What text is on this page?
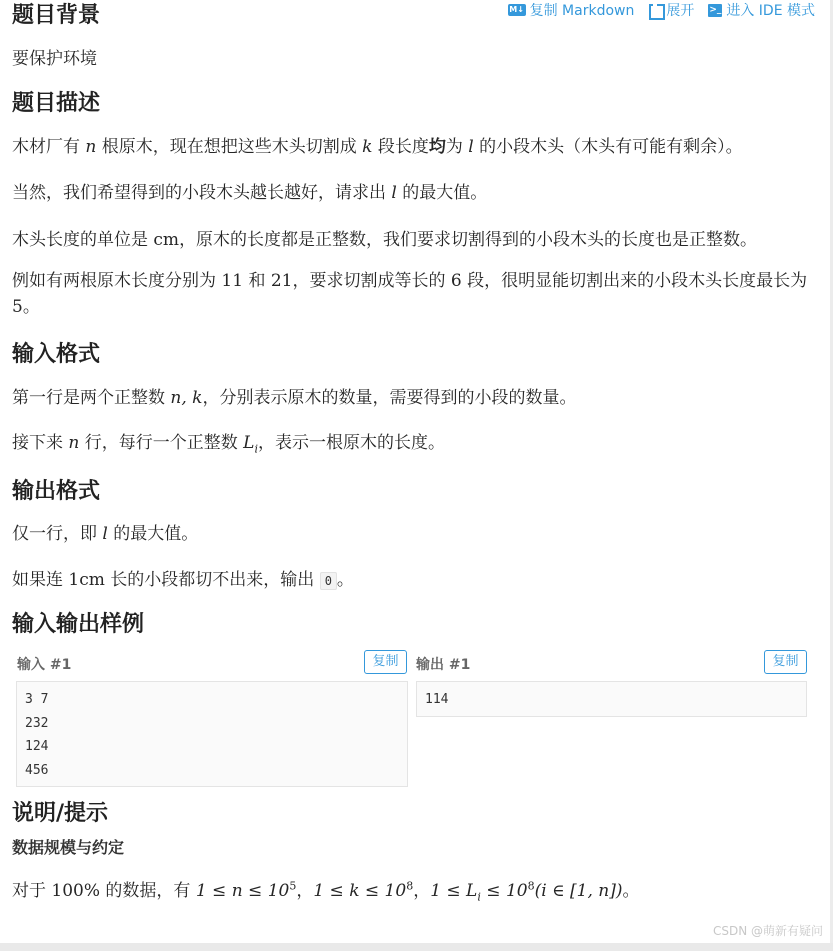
M↓ 复制 Markdown 展开 >_ 进入 IDE 模式
题目背景
要保护环境
题目描述
木材厂有 n 根原木，现在想把这些木头切割成 k 段长度均为 l 的小段木头（木头有可能有剩余）。
当然，我们希望得到的小段木头越长越好，请求出 l 的最大值。
木头长度的单位是 cm，原木的长度都是正整数，我们要求切割得到的小段木头的长度也是正整数。
例如有两根原木长度分别为 11 和 21，要求切割成等长的 6 段，很明显能切割出来的小段木头长度最长为 5。
输入格式
第一行是两个正整数 n, k，分别表示原木的数量，需要得到的小段的数量。
接下来 n 行，每行一个正整数 $L_i$，表示一根原木的长度。
输出格式
仅一行，即 l 的最大值。
如果连 1cm 长的小段都切不出来，输出 0 。
输入输出样例
输入 #1	复制
3 7
232
124
456
输出 #1	复制
114
说明/提示
数据规模与约定
对于 100% 的数据，有 $1 \le n \le 10^5$，$1 \le k \le 10^8$，$1 \le L_i \le 10^8(i$ ∈ [1, n])。
CSDN @萌新有疑问
